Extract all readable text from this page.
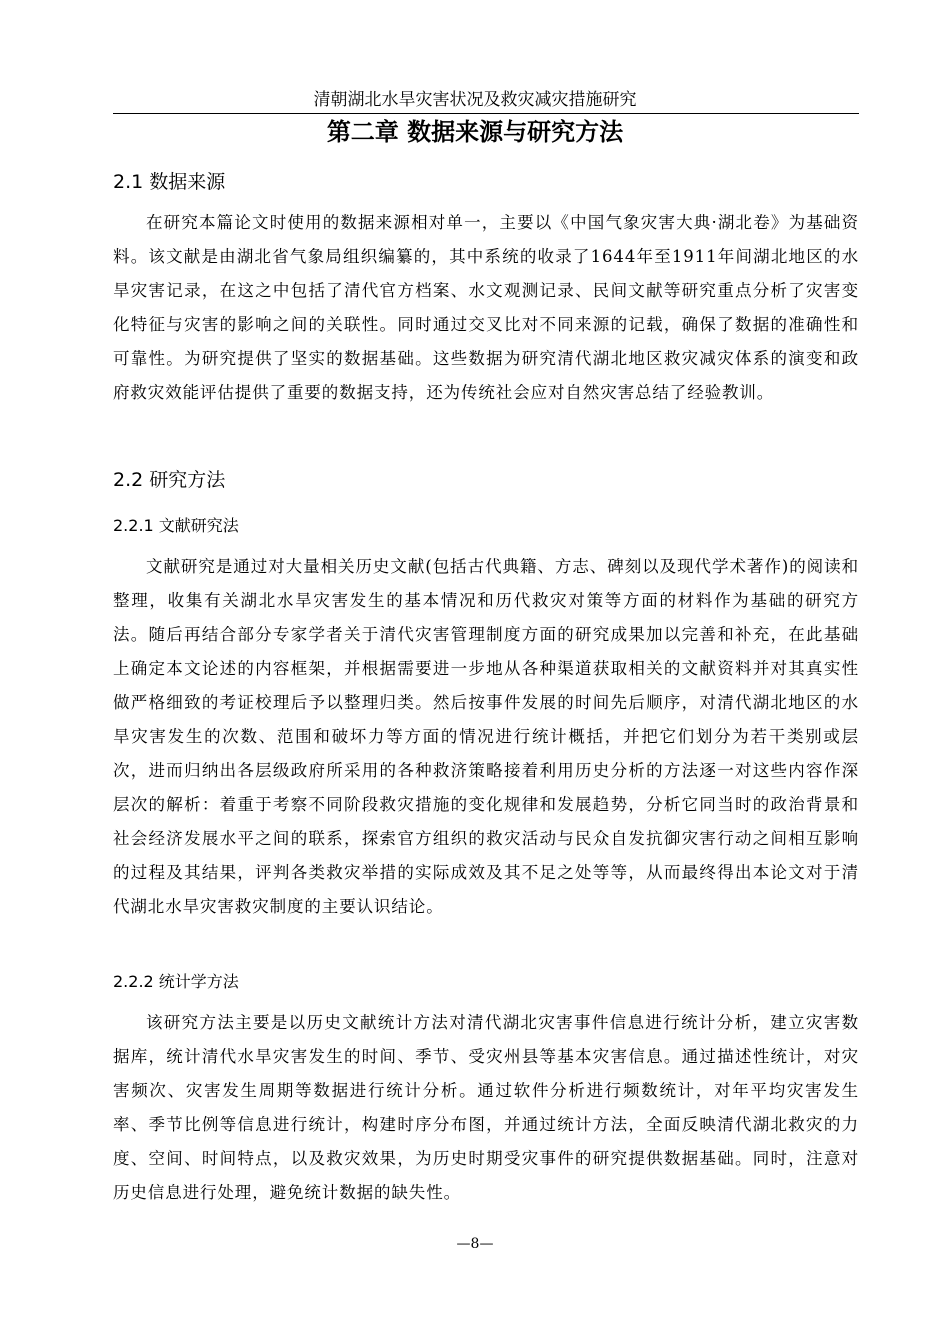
清朝湖北水旱灾害状况及救灾减灾措施研究
第二章 数据来源与研究方法
2.1 数据来源

在研究本篇论文时使用的数据来源相对单一，主要以《中国气象灾害大典·湖北卷》为基础资料。该文献是由湖北省气象局组织编纂的，其中系统的收录了1644年至1911年间湖北地区的水旱灾害记录，在这之中包括了清代官方档案、水文观测记录、民间文献等研究重点分析了灾害变化特征与灾害的影响之间的关联性。同时通过交叉比对不同来源的记载，确保了数据的准确性和可靠性。为研究提供了坚实的数据基础。这些数据为研究清代湖北地区救灾减灾体系的演变和政府救灾效能评估提供了重要的数据支持，还为传统社会应对自然灾害总结了经验教训。

2.2 研究方法
2.2.1 文献研究法

文献研究是通过对大量相关历史文献(包括古代典籍、方志、碑刻以及现代学术著作)的阅读和整理，收集有关湖北水旱灾害发生的基本情况和历代救灾对策等方面的材料作为基础的研究方法。随后再结合部分专家学者关于清代灾害管理制度方面的研究成果加以完善和补充，在此基础上确定本文论述的内容框架，并根据需要进一步地从各种渠道获取相关的文献资料并对其真实性做严格细致的考证校理后予以整理归类。然后按事件发展的时间先后顺序，对清代湖北地区的水旱灾害发生的次数、范围和破坏力等方面的情况进行统计概括，并把它们划分为若干类别或层次，进而归纳出各层级政府所采用的各种救济策略接着利用历史分析的方法逐一对这些内容作深层次的解析：着重于考察不同阶段救灾措施的变化规律和发展趋势，分析它同当时的政治背景和社会经济发展水平之间的联系，探索官方组织的救灾活动与民众自发抗御灾害行动之间相互影响的过程及其结果，评判各类救灾举措的实际成效及其不足之处等等，从而最终得出本论文对于清代湖北水旱灾害救灾制度的主要认识结论。

2.2.2 统计学方法

该研究方法主要是以历史文献统计方法对清代湖北灾害事件信息进行统计分析，建立灾害数据库，统计清代水旱灾害发生的时间、季节、受灾州县等基本灾害信息。通过描述性统计，对灾害频次、灾害发生周期等数据进行统计分析。通过软件分析进行频数统计，对年平均灾害发生率、季节比例等信息进行统计，构建时序分布图，并通过统计方法，全面反映清代湖北救灾的力度、空间、时间特点，以及救灾效果，为历史时期受灾事件的研究提供数据基础。同时，注意对历史信息进行处理，避免统计数据的缺失性。

—8—
